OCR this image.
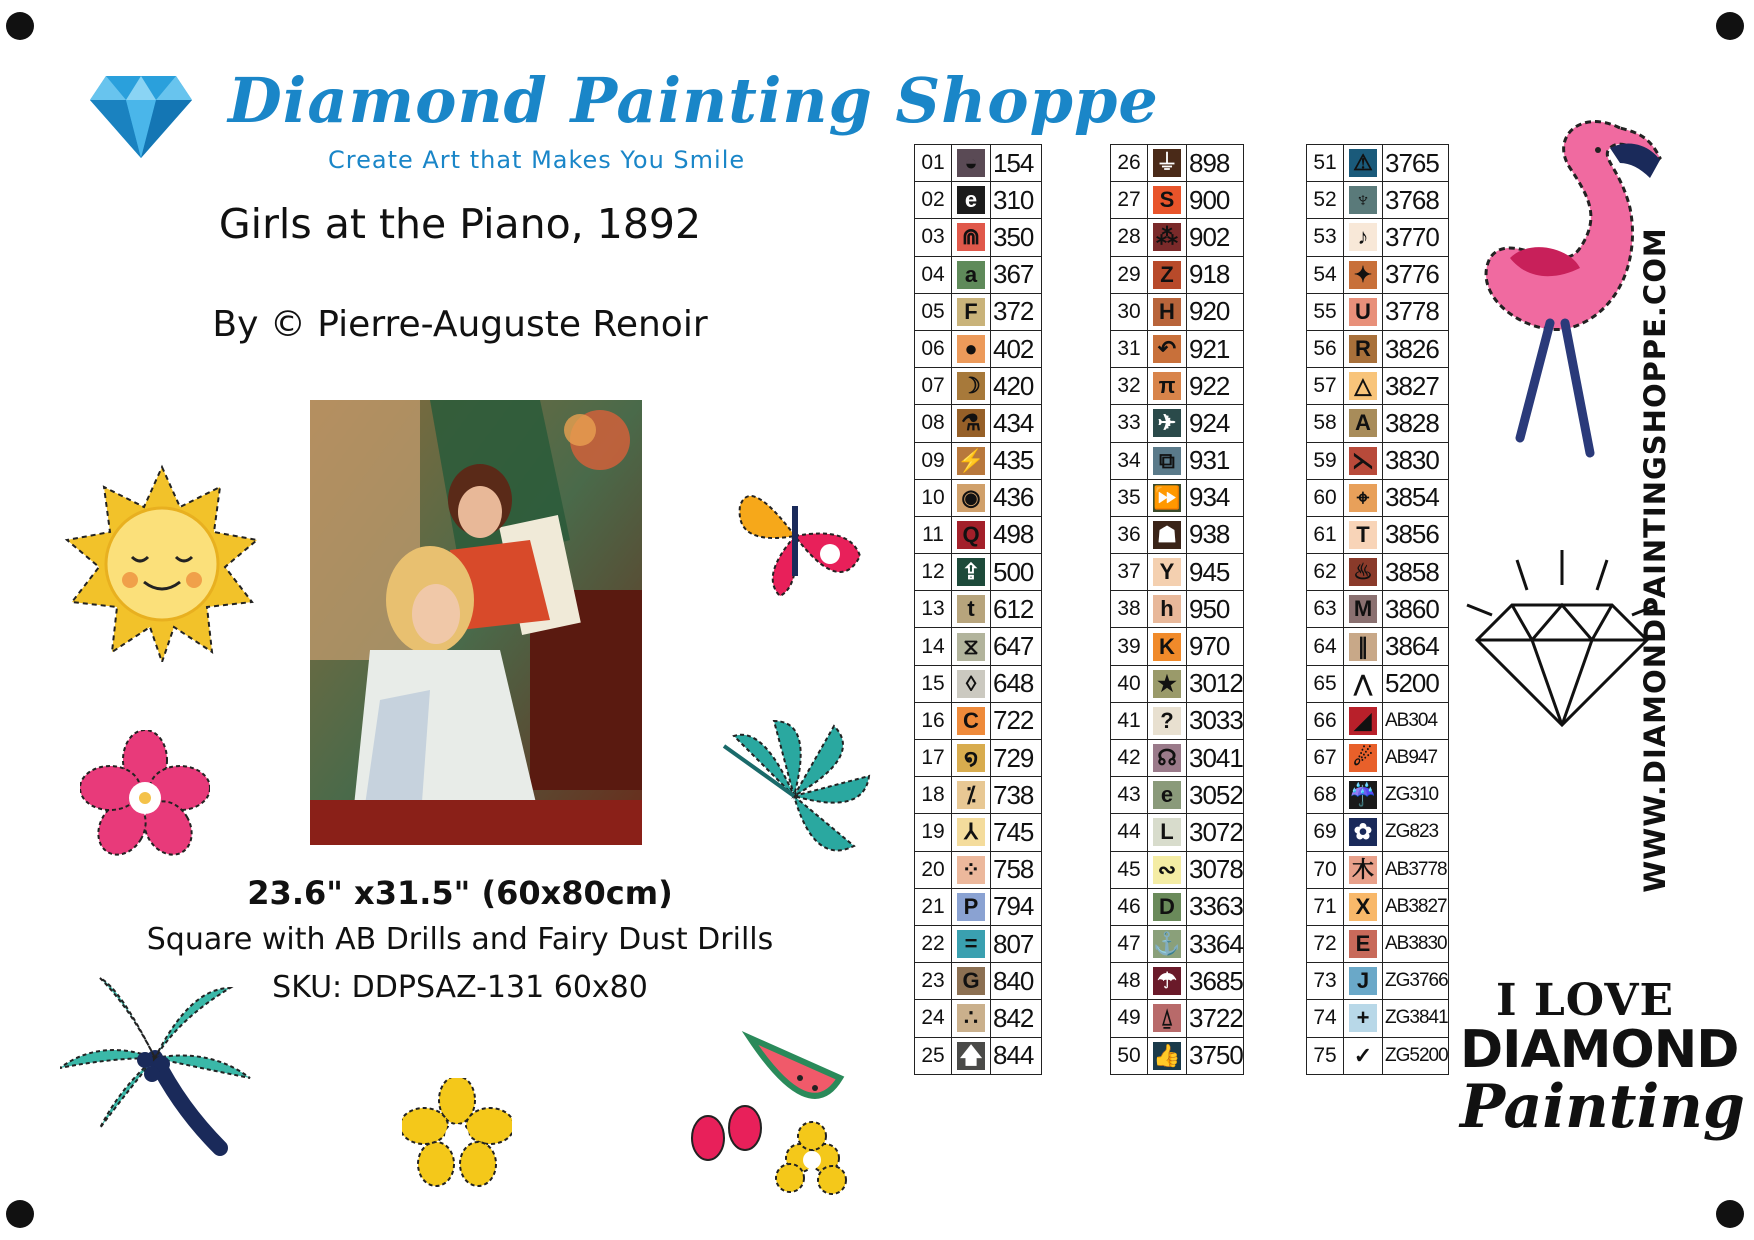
Diamond Painting Shoppe
Create Art that Makes You Smile
Girls at the Piano, 1892
By © Pierre-Auguste Renoir
23.6" x31.5" (60x80cm)
Square with AB Drills and Fairy Dust Drills
SKU: DDPSAZ-131 60x80
01	◒	154
02	e	310
03	⋒	350
04	a	367
05	F	372
06	●	402
07	☽	420
08	⚗	434
09	⚡	435
10	◉	436
11	Q	498
12	⇪	500
13	t	612
14	⧖	647
15	◊	648
16	C	722
17	໑	729
18	⁒	738
19	⅄	745
20	⁘	758
21	P	794
22	=	807
23	G	840
24	∴	842
25	🡅	844
26	⏚	898
27	S	900
28	⁂	902
29	Z	918
30	H	920
31	↶	921
32	π	922
33	✈	924
34	⧉	931
35	⏩	934
36	☗	938
37	Y	945
38	h	950
39	K	970
40	★	3012
41	?	3033
42	☊	3041
43	e	3052
44	L	3072
45	∾	3078
46	D	3363
47	⚓	3364
48	☂	3685
49	⍙	3722
50	👍	3750
51	⚠	3765
52	♆	3768
53	♪	3770
54	✦	3776
55	U	3778
56	R	3826
57	△	3827
58	A	3828
59	⋋	3830
60	⌖	3854
61	T	3856
62	♨	3858
63	M	3860
64	∥	3864
65	⋀	5200
66	◢	AB304
67	☄	AB947
68	☔	ZG310
69	✿	ZG823
70	木	AB3778
71	X	AB3827
72	E	AB3830
73	J	ZG3766
74	+	ZG3841
75	✓	ZG5200
WWW.DIAMONDPAINTINGSHOPPE.COM
I LOVE
DIAMOND
Painting
